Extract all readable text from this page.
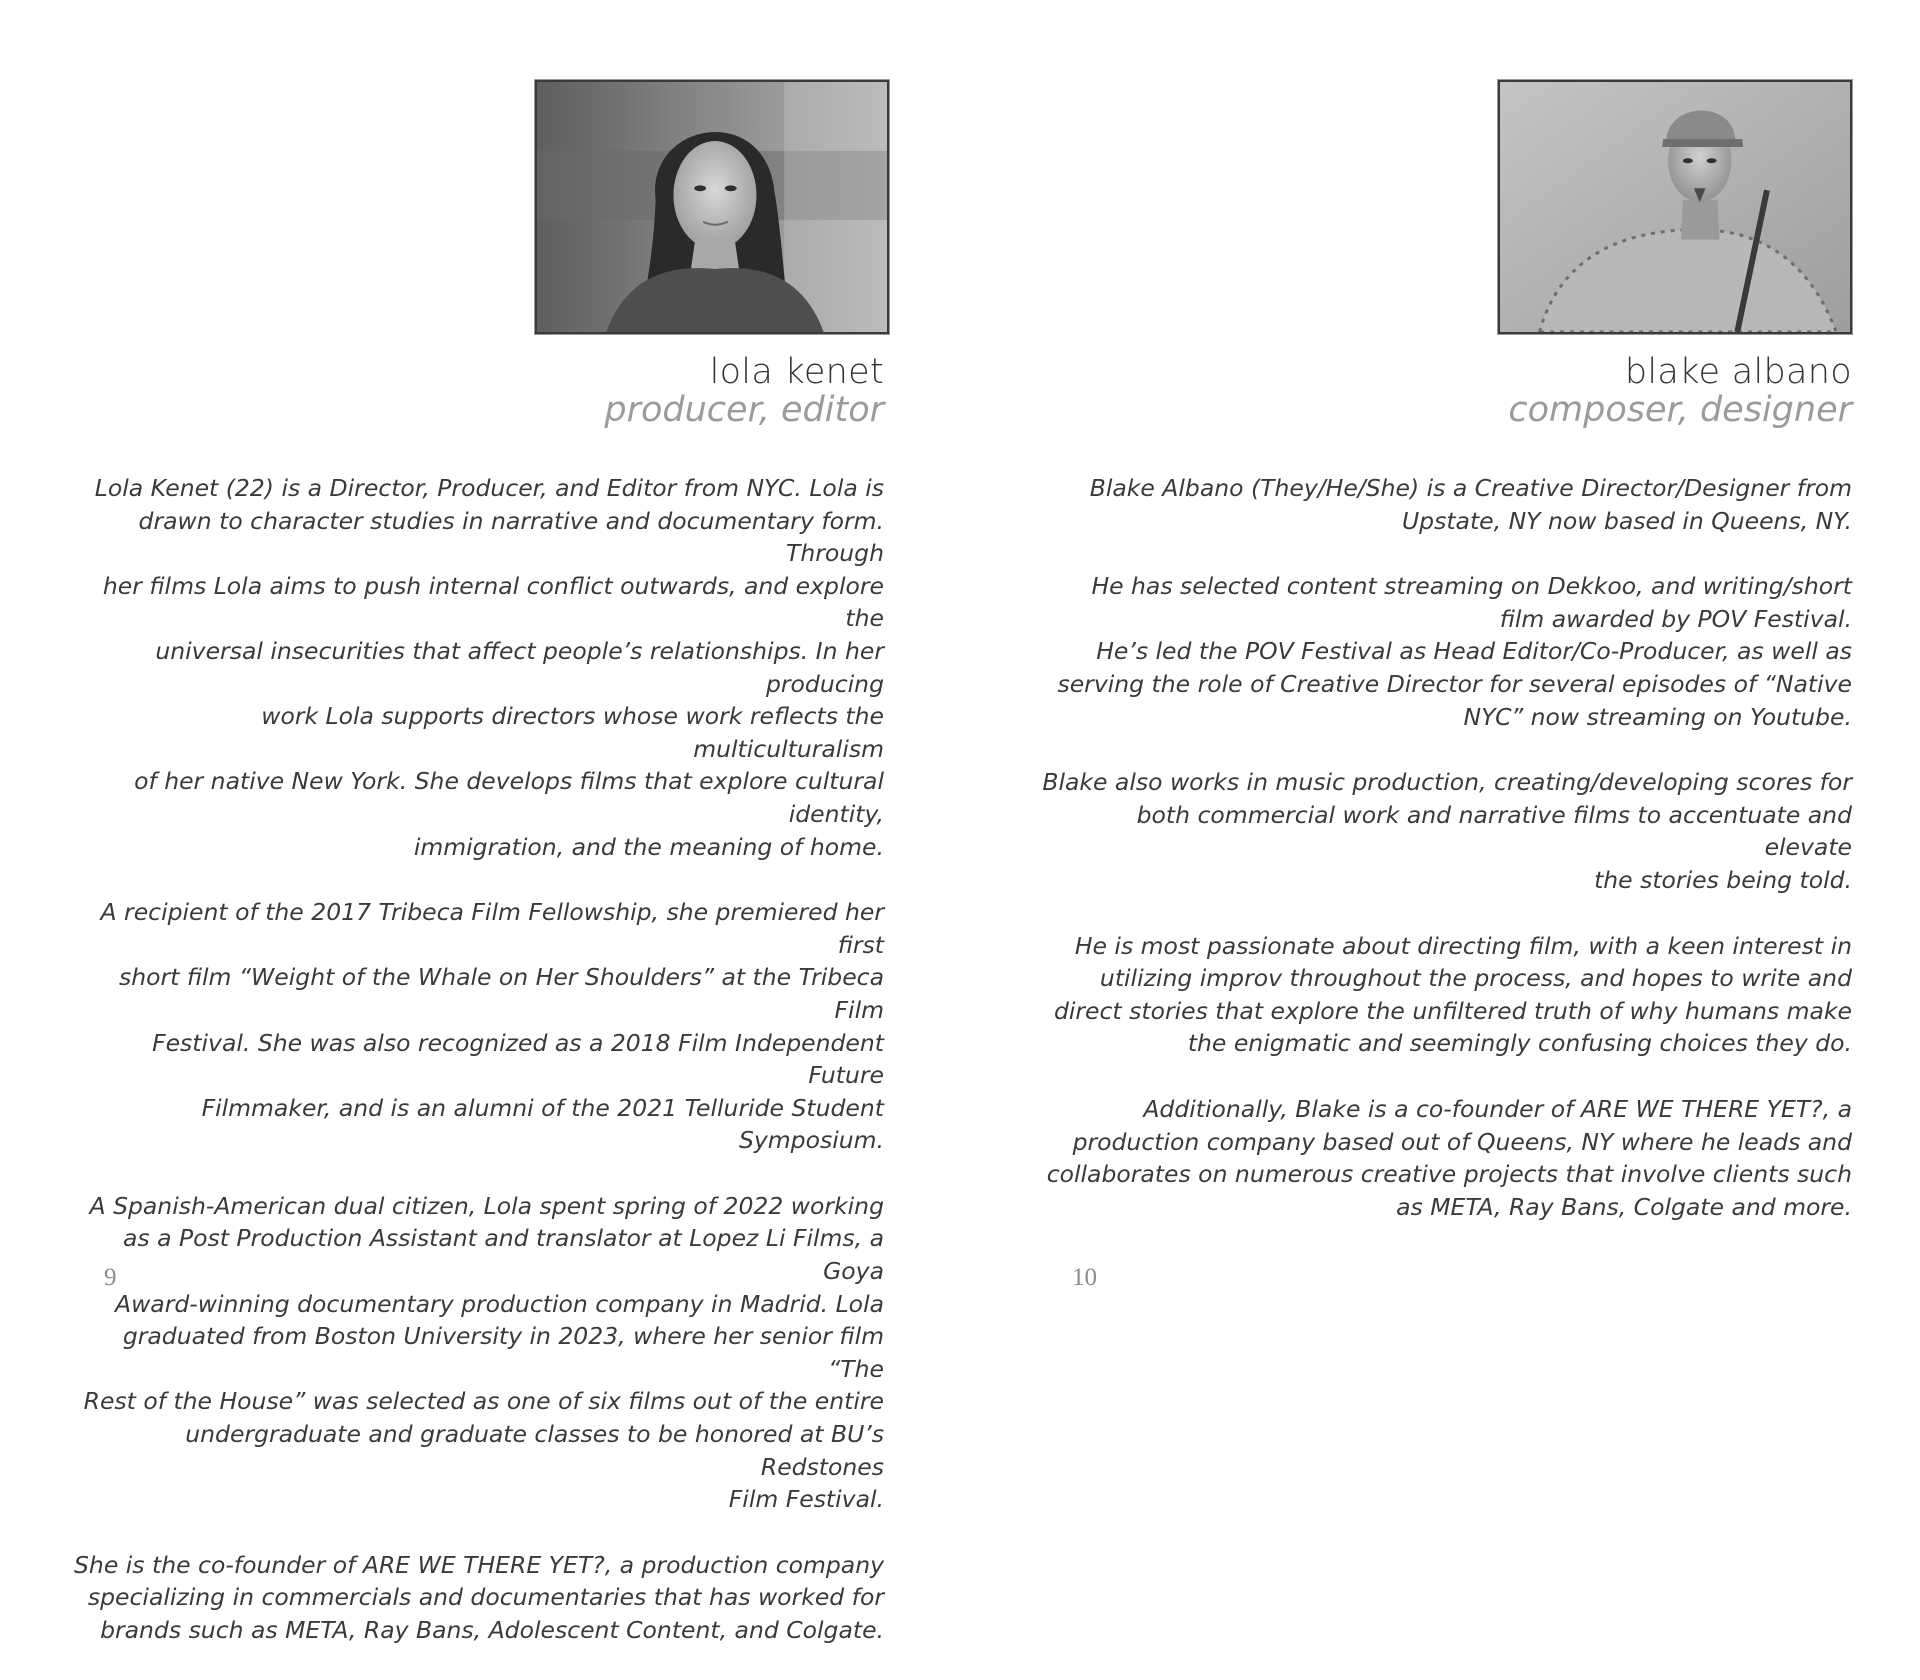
lola kenet
producer, editor

Lola Kenet (22) is a Director, Producer, and Editor from NYC. Lola is
drawn to character studies in narrative and documentary form. Through
her films Lola aims to push internal conflict outwards, and explore the
universal insecurities that affect people’s relationships. In her producing
work Lola supports directors whose work reflects the multiculturalism
of her native New York. She develops films that explore cultural identity,
immigration, and the meaning of home.

A recipient of the 2017 Tribeca Film Fellowship, she premiered her first
short film “Weight of the Whale on Her Shoulders” at the Tribeca Film
Festival. She was also recognized as a 2018 Film Independent Future
Filmmaker, and is an alumni of the 2021 Telluride Student Symposium.

A Spanish-American dual citizen, Lola spent spring of 2022 working
as a Post Production Assistant and translator at Lopez Li Films, a Goya
Award-winning documentary production company in Madrid. Lola
graduated from Boston University in 2023, where her senior film “The
Rest of the House” was selected as one of six films out of the entire
undergraduate and graduate classes to be honored at BU’s Redstones
Film Festival.

She is the co-founder of ARE WE THERE YET?, a production company
specializing in commercials and documentaries that has worked for
brands such as META, Ray Bans, Adolescent Content, and Colgate.

9
blake albano
composer, designer

Blake Albano (They/He/She) is a Creative Director/Designer from
Upstate, NY now based in Queens, NY.

He has selected content streaming on Dekkoo, and writing/short
film awarded by POV Festival.
He’s led the POV Festival as Head Editor/Co-Producer, as well as
serving the role of Creative Director for several episodes of “Native
NYC” now streaming on Youtube.

Blake also works in music production, creating/developing scores for
both commercial work and narrative films to accentuate and elevate
the stories being told.

He is most passionate about directing film, with a keen interest in
utilizing improv throughout the process, and hopes to write and
direct stories that explore the unfiltered truth of why humans make
the enigmatic and seemingly confusing choices they do.

Additionally, Blake is a co-founder of ARE WE THERE YET?, a
production company based out of Queens, NY where he leads and
collaborates on numerous creative projects that involve clients such
as META, Ray Bans, Colgate and more.

10
